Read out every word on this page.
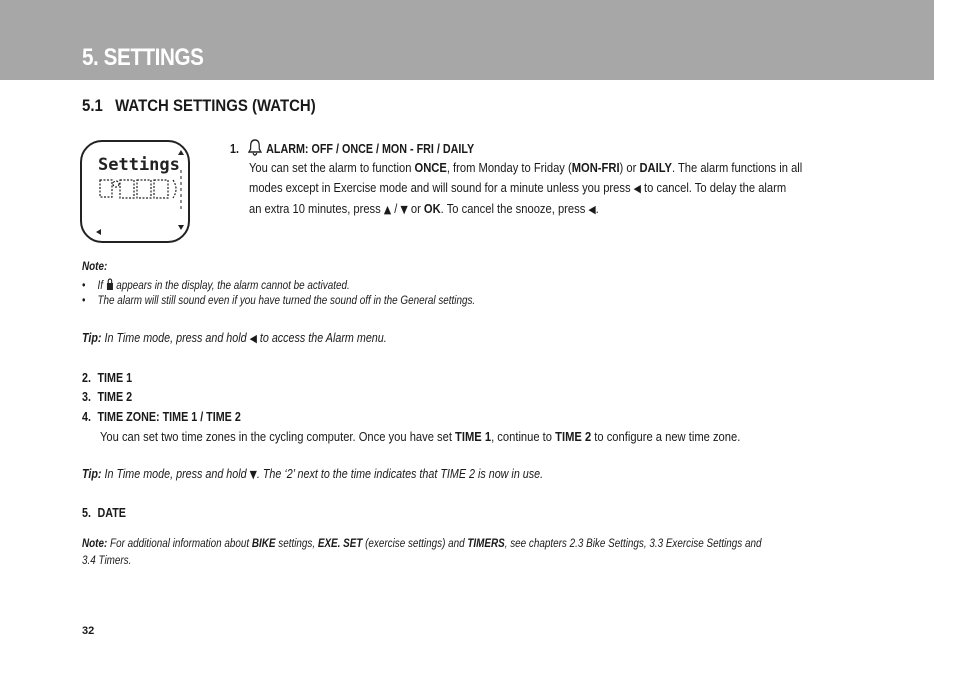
5. SETTINGS
5.1 WATCH SETTINGS (WATCH)
Settings
1. ALARM: OFF / ONCE / MON - FRI / DAILY

You can set the alarm to function ONCE, from Monday to Friday (MON-FRI) or DAILY. The alarm functions in all

modes except in Exercise mode and will sound for a minute unless you press ◀ to cancel. To delay the alarm

an extra 10 minutes, press ▲ / ▼ or OK. To cancel the snooze, press ◀.

Note:
• If  appears in the display, the alarm cannot be activated.
• The alarm will still sound even if you have turned the sound off in the General settings.
Tip: In Time mode, press and hold ◀ to access the Alarm menu.
2. TIME 1
3. TIME 2
4. TIME ZONE: TIME 1 / TIME 2
You can set two time zones in the cycling computer. Once you have set TIME 1, continue to TIME 2 to configure a new time zone.
Tip: In Time mode, press and hold ▼. The ‘2’ next to the time indicates that TIME 2 is now in use.
5. DATE
Note: For additional information about BIKE settings, EXE. SET (exercise settings) and TIMERS, see chapters 2.3 Bike Settings, 3.3 Exercise Settings and
3.4 Timers.
32
